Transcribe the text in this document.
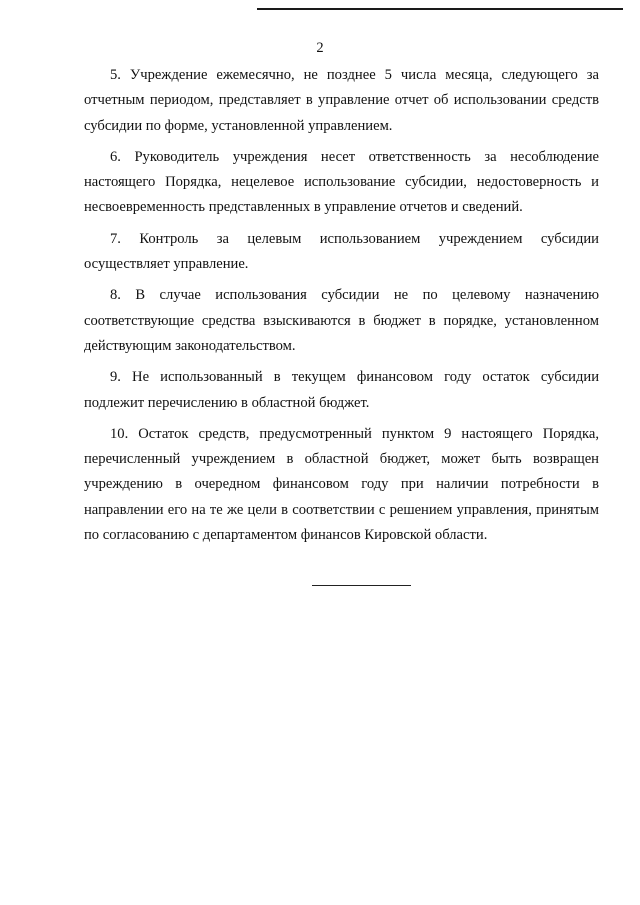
2

5. Учреждение ежемесячно, не позднее 5 числа месяца, следующего за отчетным периодом, представляет в управление отчет об использовании средств субсидии по форме, установленной управлением.

6. Руководитель учреждения несет ответственность за несоблюдение настоящего Порядка, нецелевое использование субсидии, недостоверность и несвоевременность представленных в управление отчетов и сведений.

7. Контроль за целевым использованием учреждением субсидии осуществляет управление.

8. В случае использования субсидии не по целевому назначению соответствующие средства взыскиваются в бюджет в порядке, установленном действующим законодательством.

9. Не использованный в текущем финансовом году остаток субсидии подлежит перечислению в областной бюджет.

10. Остаток средств, предусмотренный пунктом 9 настоящего Порядка, перечисленный учреждением в областной бюджет, может быть возвращен учреждению в очередном финансовом году при наличии потребности в направлении его на те же цели в соответствии с решением управления, принятым по согласованию с департаментом финансов Кировской области.
